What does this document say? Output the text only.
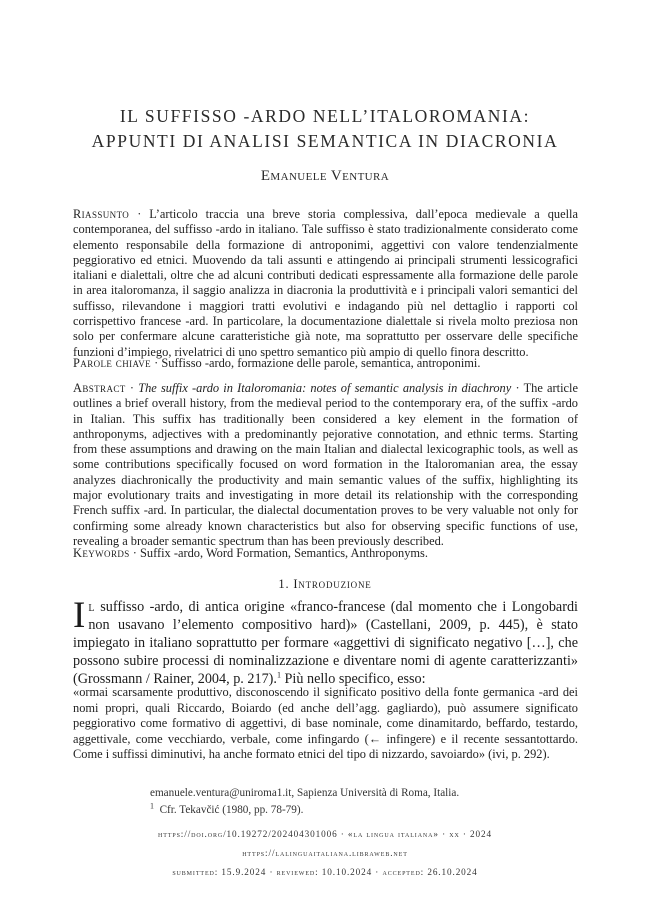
IL SUFFISSO -ARDO NELL’ITALOROMANIA:
APPUNTI DI ANALISI SEMANTICA IN DIACRONIA
Emanuele Ventura
Riassunto · L’articolo traccia una breve storia complessiva, dall’epoca medievale a quella contemporanea, del suffisso -ardo in italiano. Tale suffisso è stato tradizionalmente considerato come elemento responsabile della formazione di antroponimi, aggettivi con valore tendenzialmente peggiorativo ed etnici. Muovendo da tali assunti e attingendo ai principali strumenti lessicografici italiani e dialettali, oltre che ad alcuni contributi dedicati espressamente alla formazione delle parole in area italoromanza, il saggio analizza in diacronia la produttività e i principali valori semantici del suffisso, rilevandone i maggiori tratti evolutivi e indagando più nel dettaglio i rapporti col corrispettivo francese -ard. In particolare, la documentazione dialettale si rivela molto preziosa non solo per confermare alcune caratteristiche già note, ma soprattutto per osservare delle specifiche funzioni d’impiego, rivelatrici di uno spettro semantico più ampio di quello finora descritto.
Parole chiave · Suffisso -ardo, formazione delle parole, semantica, antroponimi.
Abstract · The suffix -ardo in Italoromania: notes of semantic analysis in diachrony · The article outlines a brief overall history, from the medieval period to the contemporary era, of the suffix -ardo in Italian. This suffix has traditionally been considered a key element in the formation of anthroponyms, adjectives with a predominantly pejorative connotation, and ethnic terms. Starting from these assumptions and drawing on the main Italian and dialectal lexicographic tools, as well as some contributions specifically focused on word formation in the Italoromanian area, the essay analyzes diachronically the productivity and main semantic values of the suffix, highlighting its major evolutionary traits and investigating in more detail its relationship with the corresponding French suffix -ard. In particular, the dialectal documentation proves to be very valuable not only for confirming some already known characteristics but also for observing specific functions of use, revealing a broader semantic spectrum than has been previously described.
Keywords · Suffix -ardo, Word Formation, Semantics, Anthroponyms.
1. Introduzione
Il suffisso -ardo, di antica origine «franco-francese (dal momento che i Longobardi non usavano l’elemento compositivo hard)» (Castellani, 2009, p. 445), è stato impiegato in italiano soprattutto per formare «aggettivi di significato negativo […], che possono subire processi di nominalizzazione e diventare nomi di agente caratterizzanti» (Grossmann / Rainer, 2004, p. 217).$^1$ Più nello specifico, esso:
«ormai scarsamente produttivo, disconoscendo il significato positivo della fonte germanica -ard dei nomi propri, quali Riccardo, Boiardo (ed anche dell’agg. gagliardo), può assumere significato peggiorativo come formativo di aggettivi, di base nominale, come dinamitardo, beffardo, testardo, aggettivale, come vecchiardo, verbale, come infingardo (← infingere) e il recente sessantottardo. Come i suffissi diminutivi, ha anche formato etnici del tipo di nizzardo, savoiardo» (ivi, p. 292).
emanuele.ventura@uniroma1.it, Sapienza Università di Roma, Italia.
$^1$ Cfr. Tekavčić (1980, pp. 78-79).
https://doi.org/10.19272/202404301006 · «la lingua italiana» · xx · 2024
https://lalinguaitaliana.libraweb.net
submitted: 15.9.2024 · reviewed: 10.10.2024 · accepted: 26.10.2024
